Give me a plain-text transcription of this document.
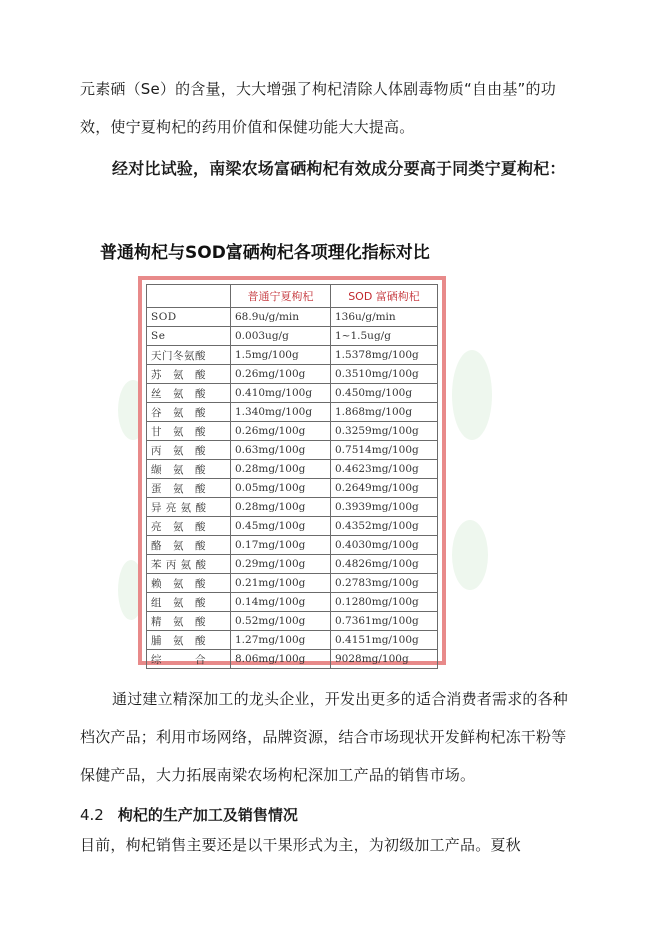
元素硒（Se）的含量，大大增强了枸杞清除人体剧毒物质“自由基”的功效，使宁夏枸杞的药用价值和保健功能大大提高。

经对比试验，南梁农场富硒枸杞有效成分要高于同类宁夏枸杞：

普通枸杞与SOD富硒枸杞各项理化指标对比

	普通宁夏枸杞	SOD 富硒枸杞
SOD	68.9u/g/min	136u/g/min
Se	0.003ug/g	1~1.5ug/g
天门冬氨酸	1.5mg/100g	1.5378mg/100g
苏　氨　酸	0.26mg/100g	0.3510mg/100g
丝　氨　酸	0.410mg/100g	0.450mg/100g
谷　氨　酸	1.340mg/100g	1.868mg/100g
甘　氨　酸	0.26mg/100g	0.3259mg/100g
丙　氨　酸	0.63mg/100g	0.7514mg/100g
缬　氨　酸	0.28mg/100g	0.4623mg/100g
蛋　氨　酸	0.05mg/100g	0.2649mg/100g
异 亮 氨 酸	0.28mg/100g	0.3939mg/100g
亮　氨　酸	0.45mg/100g	0.4352mg/100g
酪　氨　酸	0.17mg/100g	0.4030mg/100g
苯 丙 氨 酸	0.29mg/100g	0.4826mg/100g
赖　氨　酸	0.21mg/100g	0.2783mg/100g
组　氨　酸	0.14mg/100g	0.1280mg/100g
精　氨　酸	0.52mg/100g	0.7361mg/100g
脯　氨　酸	1.27mg/100g	0.4151mg/100g
综　　　合	8.06mg/100g	9028mg/100g

通过建立精深加工的龙头企业，开发出更多的适合消费者需求的各种档次产品；利用市场网络，品牌资源，结合市场现状开发鲜枸杞冻干粉等保健产品，大力拓展南梁农场枸杞深加工产品的销售市场。

4.2 枸杞的生产加工及销售情况

目前，枸杞销售主要还是以干果形式为主，为初级加工产品。夏秋
